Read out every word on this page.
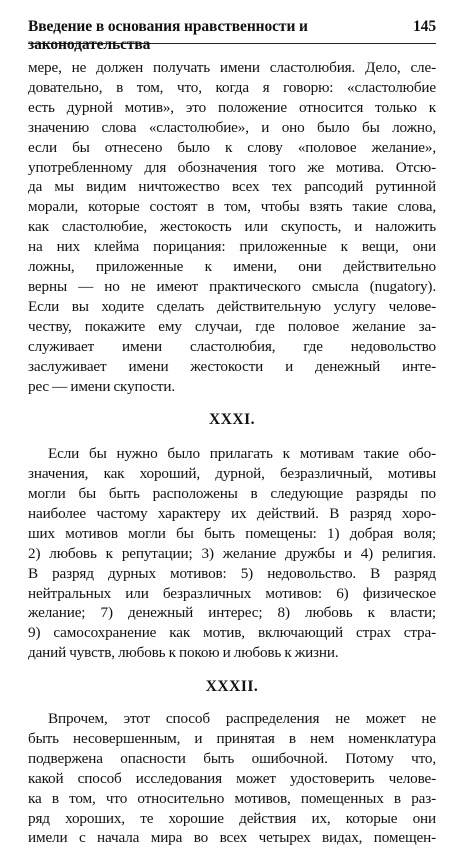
Введение в основания нравственности и законодательства
145

мере, не должен получать имени сластолюбия. Дело, сле-
довательно, в том, что, когда я говорю: «сластолюбие
есть дурной мотив», это положение относится только к
значению слова «сластолюбие», и оно было бы ложно,
если бы отнесено было к слову «половое желание»,
употребленному для обозначения того же мотива. Отсю-
да мы видим ничтожество всех тех рапсодий рутинной
морали, которые состоят в том, чтобы взять такие слова,
как сластолюбие, жестокость или скупость, и наложить
на них клейма порицания: приложенные к вещи, они
ложны, приложенные к имени, они действительно
верны — но не имеют практического смысла (nugatory).
Если вы ходите сделать действительную услугу челове-
честву, покажите ему случаи, где половое желание за-
служивает имени сластолюбия, где недовольство
заслуживает имени жестокости и денежный инте-
рес — имени скупости.

XXXI.

Если бы нужно было прилагать к мотивам такие обо-
значения, как хороший, дурной, безразличный, мотивы
могли бы быть расположены в следующие разряды по
наиболее частому характеру их действий. В разряд хоро-
ших мотивов могли бы быть помещены: 1) добрая воля;
2) любовь к репутации; 3) желание дружбы и 4) религия.
В разряд дурных мотивов: 5) недовольство. В разряд
нейтральных или безразличных мотивов: 6) физическое
желание; 7) денежный интерес; 8) любовь к власти;
9) самосохранение как мотив, включающий страх стра-
даний чувств, любовь к покою и любовь к жизни.

XXXII.

Впрочем, этот способ распределения не может не
быть несовершенным, и принятая в нем номенклатура
подвержена опасности быть ошибочной. Потому что,
какой способ исследования может удостоверить челове-
ка в том, что относительно мотивов, помещенных в раз-
ряд хороших, те хорошие действия их, которые они
имели с начала мира во всех четырех видах, помещен-
